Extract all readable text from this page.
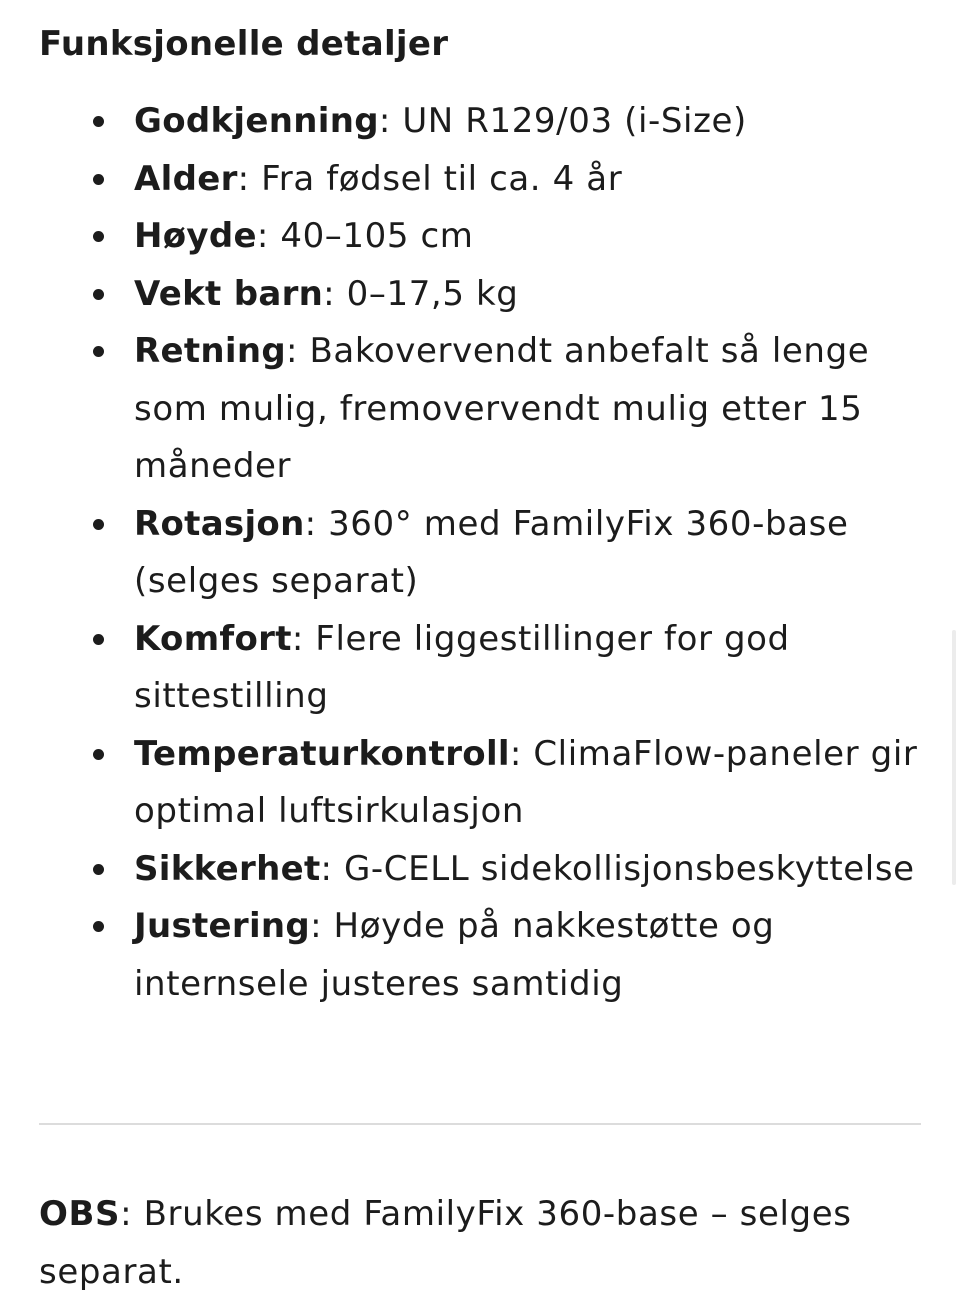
Funksjonelle detaljer
Godkjenning: UN R129/03 (i-Size)
Alder: Fra fødsel til ca. 4 år
Høyde: 40–105 cm
Vekt barn: 0–17,5 kg
Retning: Bakovervendt anbefalt så lenge som mulig, fremovervendt mulig etter 15 måneder
Rotasjon: 360° med FamilyFix 360-base (selges separat)
Komfort: Flere liggestillinger for god sittestilling
Temperaturkontroll: ClimaFlow-paneler gir optimal luftsirkulasjon
Sikkerhet: G-CELL sidekollisjonsbeskyttelse
Justering: Høyde på nakkestøtte og internsele justeres samtidig

OBS: Brukes med FamilyFix 360-base – selges separat.
